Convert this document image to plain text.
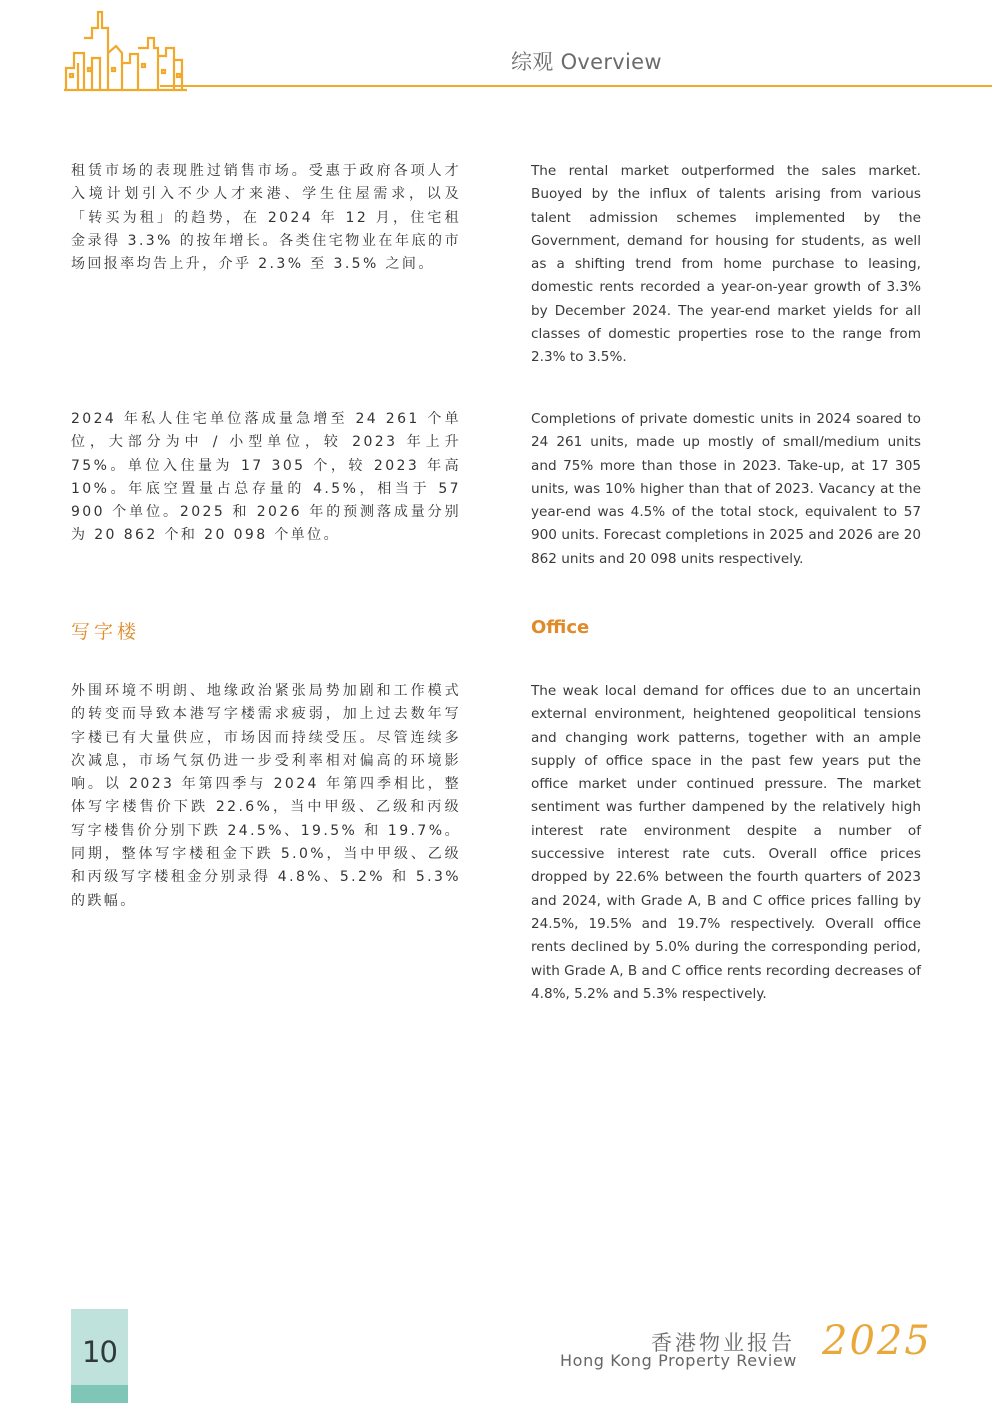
综观 Overview

租赁市场的表现胜过销售市场。受惠于政府各项人才入境计划引入不少人才来港、学生住屋需求，以及「转买为租」的趋势，在 2024 年 12 月，住宅租金录得 3.3% 的按年增长。各类住宅物业在年底的市场回报率均告上升，介乎 2.3% 至 3.5% 之间。

The rental market outperformed the sales market. Buoyed by the influx of talents arising from various talent admission schemes implemented by the Government, demand for housing for students, as well as a shifting trend from home purchase to leasing, domestic rents recorded a year-on-year growth of 3.3% by December 2024. The year-end market yields for all classes of domestic properties rose to the range from 2.3% to 3.5%.

2024 年私人住宅单位落成量急增至 24 261 个单位，大部分为中 / 小型单位，较 2023 年上升 75%。单位入住量为 17 305 个，较 2023 年高 10%。年底空置量占总存量的 4.5%，相当于 57 900 个单位。2025 和 2026 年的预测落成量分别为 20 862 个和 20 098 个单位。

Completions of private domestic units in 2024 soared to 24 261 units, made up mostly of small/medium units and 75% more than those in 2023. Take-up, at 17 305 units, was 10% higher than that of 2023. Vacancy at the year-end was 4.5% of the total stock, equivalent to 57 900 units. Forecast completions in 2025 and 2026 are 20 862 units and 20 098 units respectively.

写字楼	Office

外围环境不明朗、地缘政治紧张局势加剧和工作模式的转变而导致本港写字楼需求疲弱，加上过去数年写字楼已有大量供应，市场因而持续受压。尽管连续多次减息，市场气氛仍进一步受利率相对偏高的环境影响。以 2023 年第四季与 2024 年第四季相比，整体写字楼售价下跌 22.6%，当中甲级、乙级和丙级写字楼售价分别下跌 24.5%、19.5% 和 19.7%。同期，整体写字楼租金下跌 5.0%，当中甲级、乙级和丙级写字楼租金分别录得 4.8%、5.2% 和 5.3% 的跌幅。

The weak local demand for offices due to an uncertain external environment, heightened geopolitical tensions and changing work patterns, together with an ample supply of office space in the past few years put the office market under continued pressure. The market sentiment was further dampened by the relatively high interest rate environment despite a number of successive interest rate cuts. Overall office prices dropped by 22.6% between the fourth quarters of 2023 and 2024, with Grade A, B and C office prices falling by 24.5%, 19.5% and 19.7% respectively. Overall office rents declined by 5.0% during the corresponding period, with Grade A, B and C office rents recording decreases of 4.8%, 5.2% and 5.3% respectively.

10	香港物业报告
Hong Kong Property Review 2025
